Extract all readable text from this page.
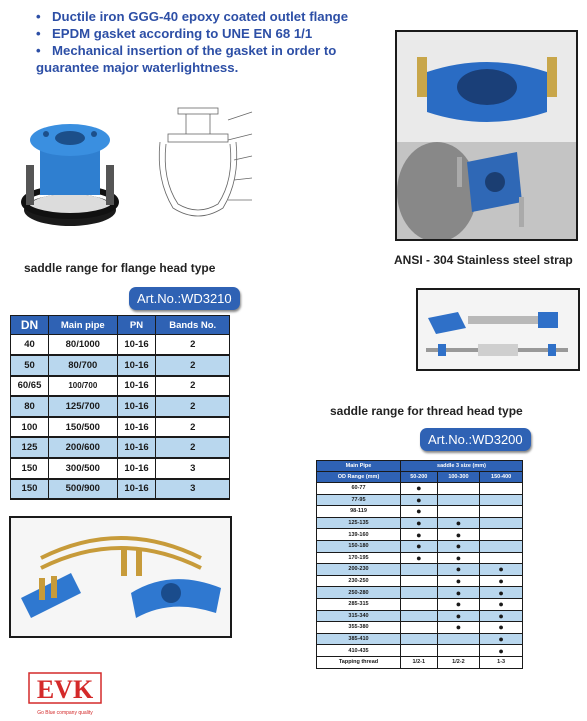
• Ductile iron GGG-40 epoxy coated outlet flange
• EPDM gasket according to UNE EN 68 1/1
• Mechanical insertion of the gasket in order to
guarantee major waterlightness.
saddle range for flange head type
ANSI - 304 Stainless steel strap
Art.No.:WD3210
DN	Main pipe	PN	Bands No.
40	80/1000	10-16	2
50	80/700	10-16	2
60/65	100/700	10-16	2
80	125/700	10-16	2
100	150/500	10-16	2
125	200/600	10-16	2
150	300/500	10-16	3
150	500/900	10-16	3
saddle range for thread head type
Art.No.:WD3200
Main Pipe	saddle 3 size (mm)		
OD Range (mm)	50-200	100-300	150-400
60-77	●		
77-95	●		
98-119	●		
125-135	●	●	
139-160	●	●	
150-180	●	●	
170-195	●	●	
200-230		●	●
230-250		●	●
250-280		●	●
285-315		●	●
315-340		●	●
355-380		●	●
385-410			●
410-435			●
Tapping thread	1/2-1	1/2-2	1-3
EVK
Go Blue company quality
